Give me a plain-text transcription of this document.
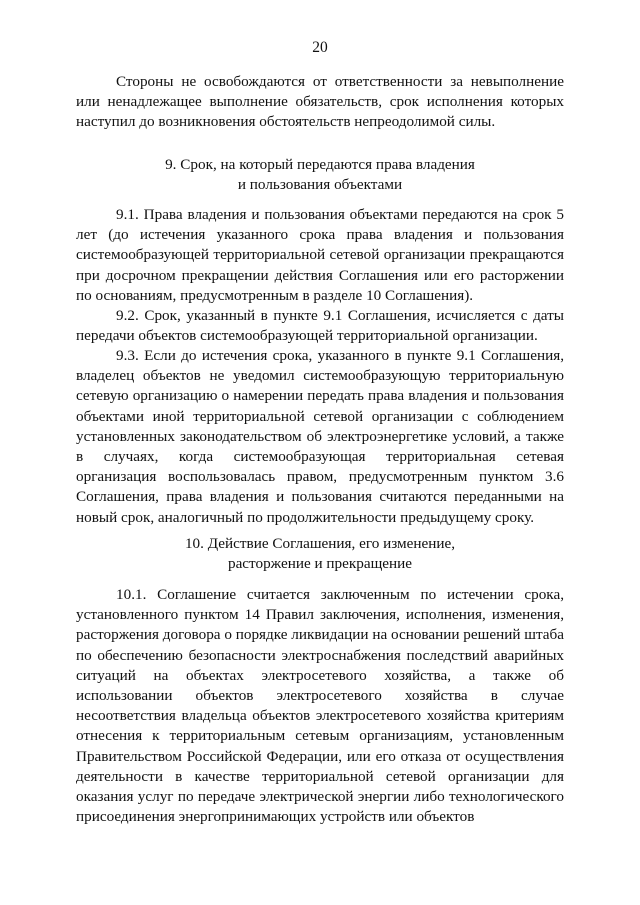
20

Стороны не освобождаются от ответственности за невыполнение или ненадлежащее выполнение обязательств, срок исполнения которых наступил до возникновения обстоятельств непреодолимой силы.

9. Срок, на который передаются права владения
и пользования объектами

9.1. Права владения и пользования объектами передаются на срок 5 лет (до истечения указанного срока права владения и пользования системообразующей территориальной сетевой организации прекращаются при досрочном прекращении действия Соглашения или его расторжении по основаниям, предусмотренным в разделе 10 Соглашения).

9.2. Срок, указанный в пункте 9.1 Соглашения, исчисляется с даты передачи объектов системообразующей территориальной организации.

9.3. Если до истечения срока, указанного в пункте 9.1 Соглашения, владелец объектов не уведомил системообразующую территориальную сетевую организацию о намерении передать права владения и пользования объектами иной территориальной сетевой организации с соблюдением установленных законодательством об электроэнергетике условий, а также в случаях, когда системообразующая территориальная сетевая организация воспользовалась правом, предусмотренным пунктом 3.6 Соглашения, права владения и пользования считаются переданными на новый срок, аналогичный по продолжительности предыдущему сроку.

10. Действие Соглашения, его изменение,
расторжение и прекращение

10.1. Соглашение считается заключенным по истечении срока, установленного пунктом 14 Правил заключения, исполнения, изменения, расторжения договора о порядке ликвидации на основании решений штаба по обеспечению безопасности электроснабжения последствий аварийных ситуаций на объектах электросетевого хозяйства, а также об использовании объектов электросетевого хозяйства в случае несоответствия владельца объектов электросетевого хозяйства критериям отнесения к территориальным сетевым организациям, установленным Правительством Российской Федерации, или его отказа от осуществления деятельности в качестве территориальной сетевой организации для оказания услуг по передаче электрической энергии либо технологического присоединения энергопринимающих устройств или объектов
